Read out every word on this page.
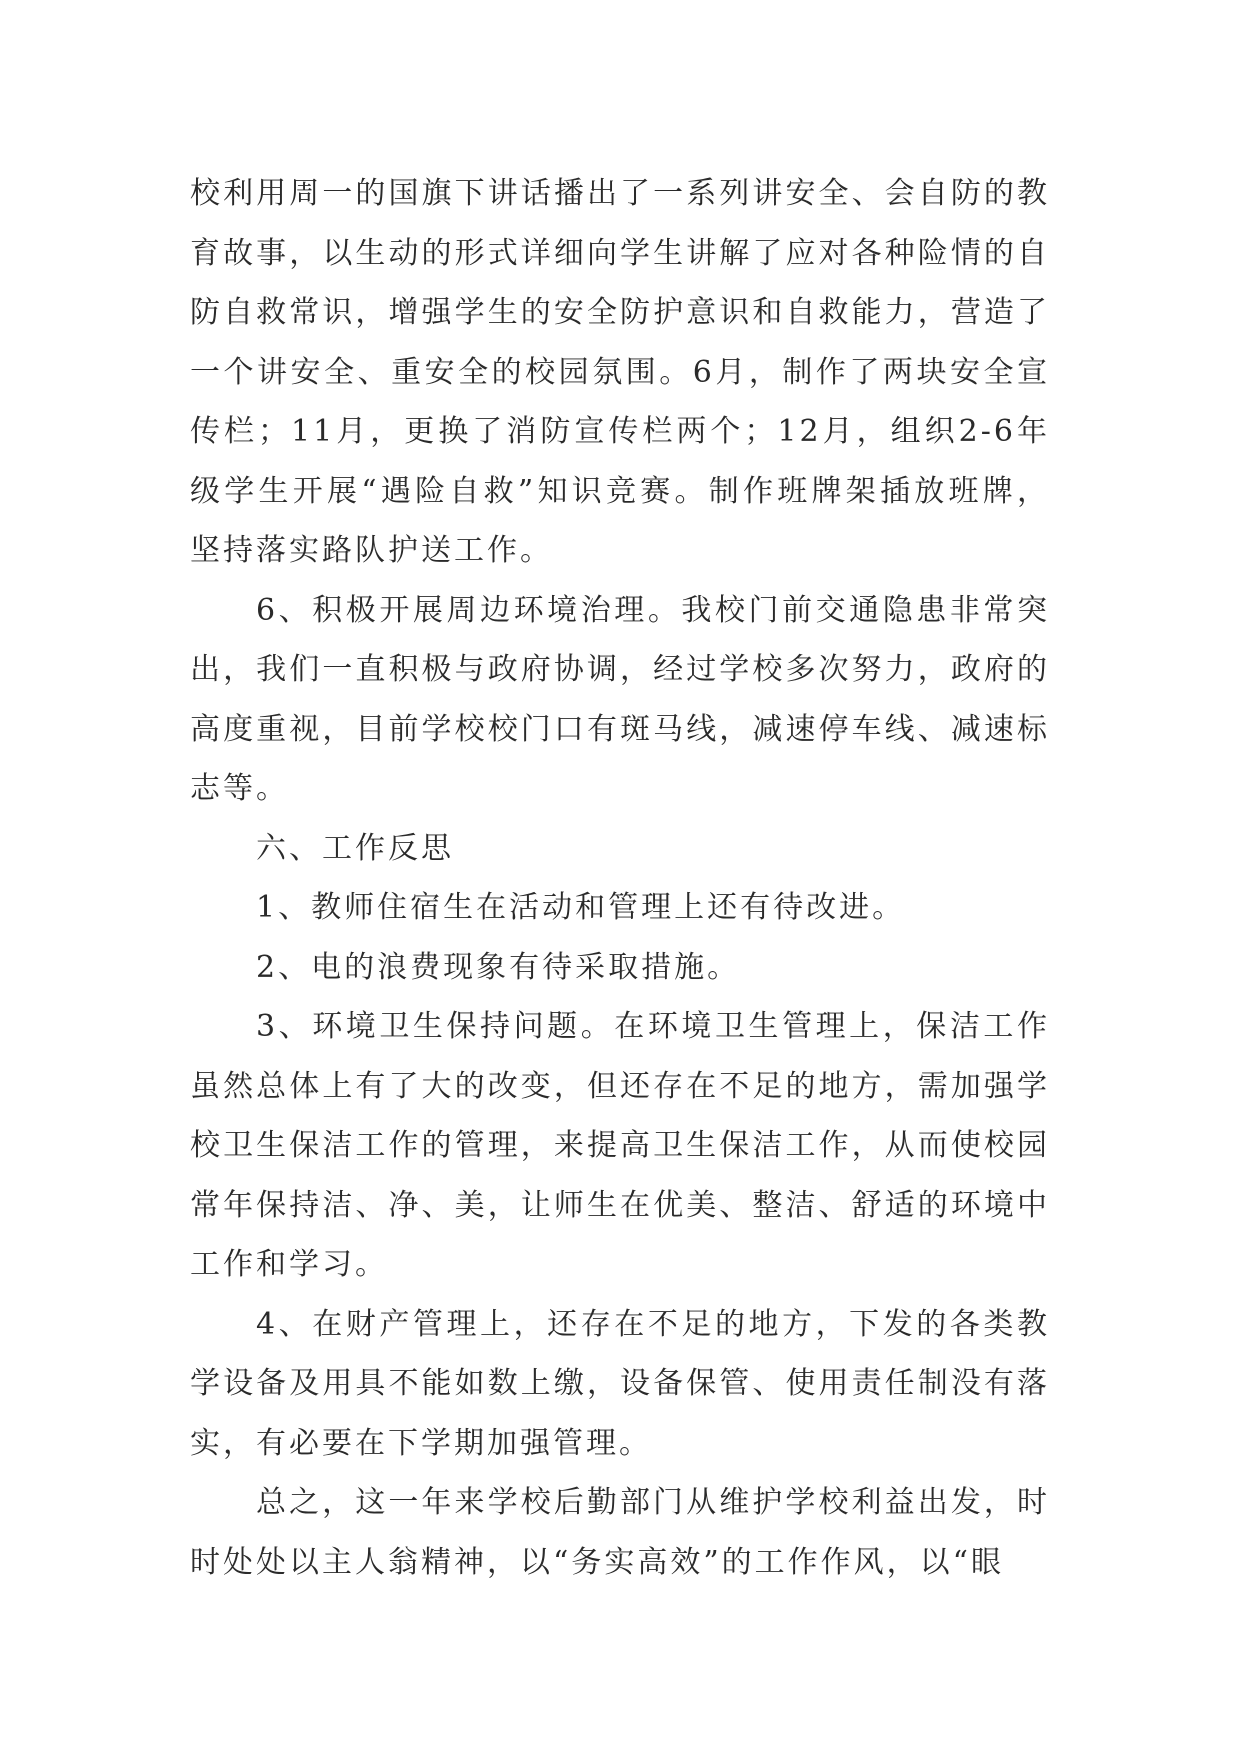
校利用周一的国旗下讲话播出了一系列讲安全、会自防的教育故事，以生动的形式详细向学生讲解了应对各种险情的自防自救常识，增强学生的安全防护意识和自救能力，营造了一个讲安全、重安全的校园氛围。6月，制作了两块安全宣传栏；11月，更换了消防宣传栏两个；12月，组织2-6年级学生开展“遇险自救”知识竞赛。制作班牌架插放班牌，坚持落实路队护送工作。

6、积极开展周边环境治理。我校门前交通隐患非常突出，我们一直积极与政府协调，经过学校多次努力，政府的高度重视，目前学校校门口有斑马线，减速停车线、减速标志等。

六、工作反思

1、教师住宿生在活动和管理上还有待改进。

2、电的浪费现象有待采取措施。

3、环境卫生保持问题。在环境卫生管理上，保洁工作虽然总体上有了大的改变，但还存在不足的地方，需加强学校卫生保洁工作的管理，来提高卫生保洁工作，从而使校园常年保持洁、净、美，让师生在优美、整洁、舒适的环境中工作和学习。

4、在财产管理上，还存在不足的地方，下发的各类教学设备及用具不能如数上缴，设备保管、使用责任制没有落实，有必要在下学期加强管理。

总之，这一年来学校后勤部门从维护学校利益出发，时时处处以主人翁精神，以“务实高效”的工作作风，以“眼
